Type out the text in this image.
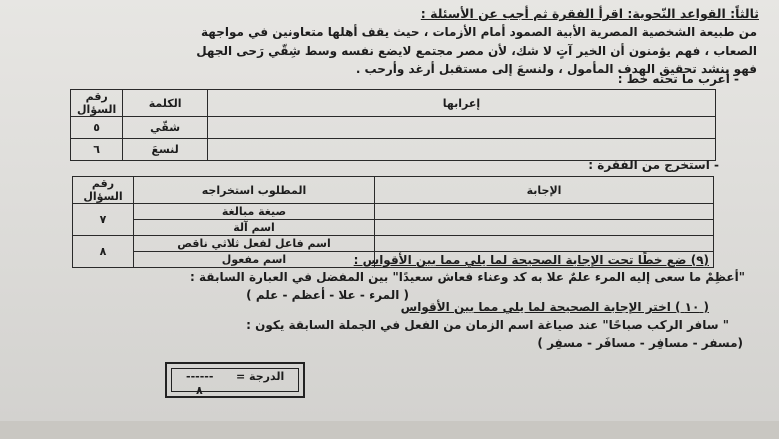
ثالثاً: القواعد النّحوية: اقرأ الفقرة ثم أجب عن الأسئلة :
من طبيعة الشخصية المصرية الأبية الصمود أمام الأزمات ، حيث يقف أهلها متعاونين في مواجهة
الصعاب ، فهم يؤمنون أن الخير آتٍ لا شك، لأن مصر مجتمع لايضع نفسه وسط شِقّي رَحى الجهل
فهو ينشد تحقيق الهدف المأمول ، ولنسعَ إلى مستقبل أرغد وأرحب .
- أعرب ما تحته خط :
إعرابها	الكلمة	رقم السؤال
	شقّي	٥
	لنسعَ	٦
- استخرج من الفقرة :
الإجابة	المطلوب استخراجه	رقم السؤال
	صيغة مبالغة	٧
	اسم آلة	
	اسم فاعل لفعل ثلاثي ناقص	٨
	اسم مفعول		(٩) ضع خطًا تحت الإجابة الصحيحة لما يلي مما بين الأقواس :
"أعظِمْ ما سعى إليه المرء علمٌ علا به كد وعناء فعاش سعيدًا" بين المفضل في العبارة السابقة :
( المرء - علا - أعظم - علم )
( ١٠ ) اختر الإجابة الصحيحة لما يلي مما بين الأقواس
" سافر الركب صباحًا" عند صياغة اسم الزمان من الفعل في الجملة السابقة يكون :
(مسفر - مسافِر - مسافَر - مسفِر )
الدرجة =
------
٨
